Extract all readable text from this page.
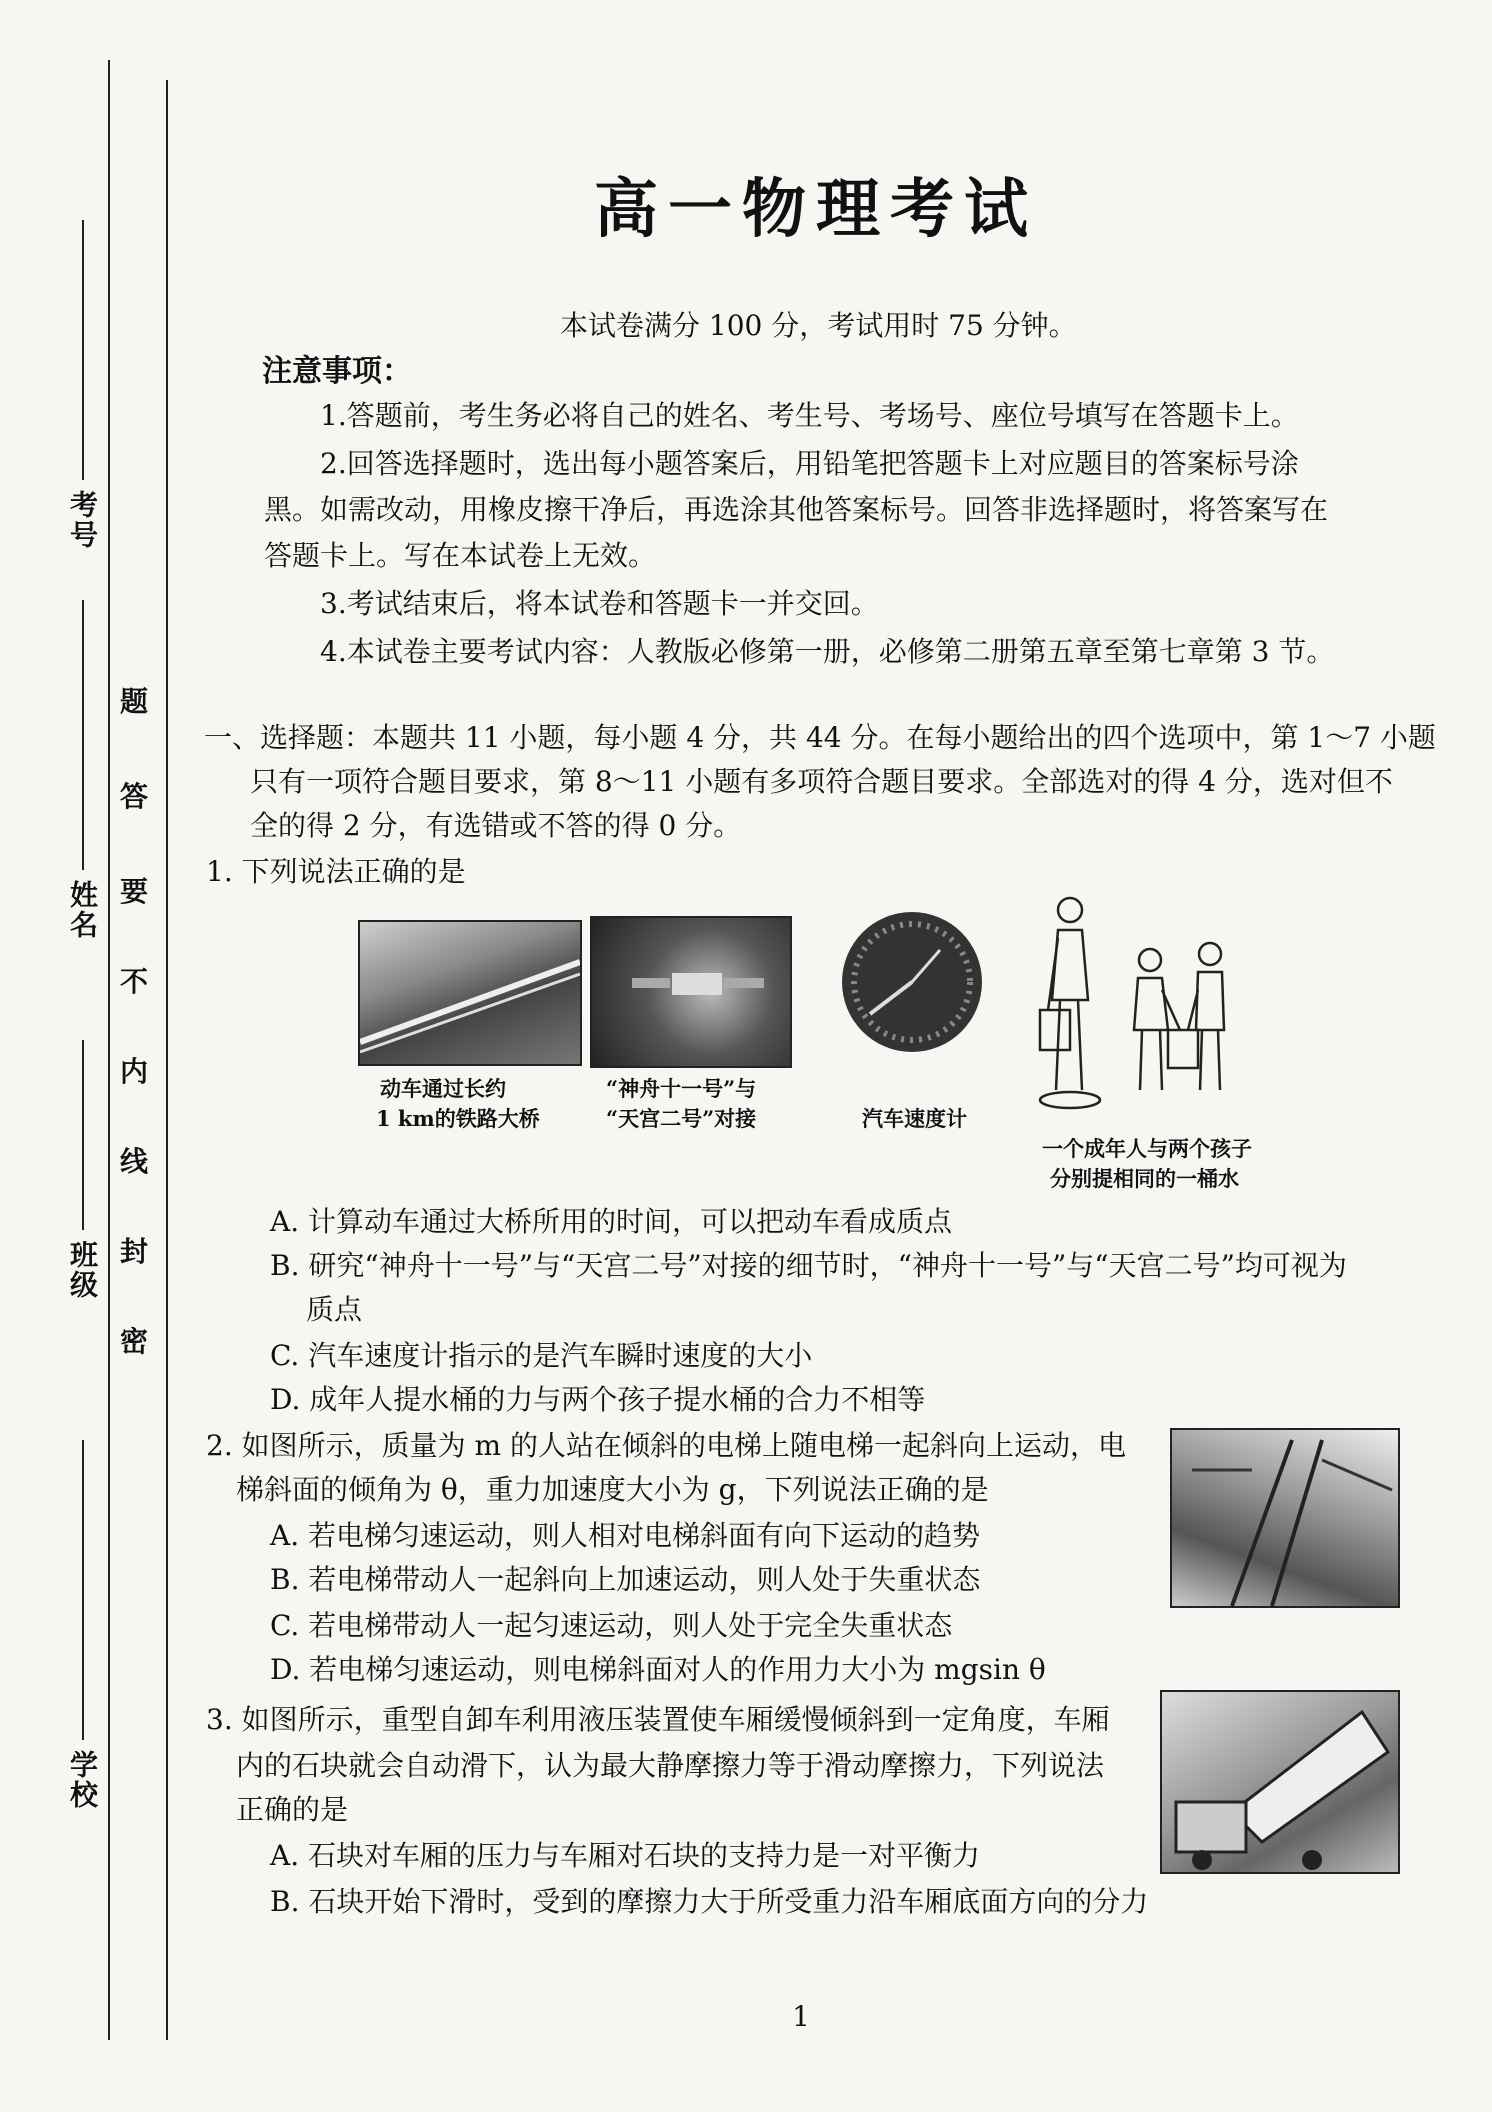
考号
姓名
班级
学校
密
封
线
内
不
要
答
题
高一物理考试
本试卷满分 100 分，考试用时 75 分钟。
注意事项：
1.答题前，考生务必将自己的姓名、考生号、考场号、座位号填写在答题卡上。
2.回答选择题时，选出每小题答案后，用铅笔把答题卡上对应题目的答案标号涂
黑。如需改动，用橡皮擦干净后，再选涂其他答案标号。回答非选择题时，将答案写在
答题卡上。写在本试卷上无效。
3.考试结束后，将本试卷和答题卡一并交回。
4.本试卷主要考试内容：人教版必修第一册，必修第二册第五章至第七章第 3 节。
一、选择题：本题共 11 小题，每小题 4 分，共 44 分。在每小题给出的四个选项中，第 1～7 小题
只有一项符合题目要求，第 8～11 小题有多项符合题目要求。全部选对的得 4 分，选对但不
全的得 2 分，有选错或不答的得 0 分。
1. 下列说法正确的是
动车通过长约
1 km的铁路大桥
“神舟十一号”与
“天宫二号”对接	汽车速度计
一个成年人与两个孩子
分别提相同的一桶水
A. 计算动车通过大桥所用的时间，可以把动车看成质点
B. 研究“神舟十一号”与“天宫二号”对接的细节时，“神舟十一号”与“天宫二号”均可视为
质点
C. 汽车速度计指示的是汽车瞬时速度的大小
D. 成年人提水桶的力与两个孩子提水桶的合力不相等
2. 如图所示，质量为 m 的人站在倾斜的电梯上随电梯一起斜向上运动，电
梯斜面的倾角为 θ，重力加速度大小为 g，下列说法正确的是
A. 若电梯匀速运动，则人相对电梯斜面有向下运动的趋势
B. 若电梯带动人一起斜向上加速运动，则人处于失重状态
C. 若电梯带动人一起匀速运动，则人处于完全失重状态
D. 若电梯匀速运动，则电梯斜面对人的作用力大小为 mgsin θ
3. 如图所示，重型自卸车利用液压装置使车厢缓慢倾斜到一定角度，车厢
内的石块就会自动滑下，认为最大静摩擦力等于滑动摩擦力，下列说法
正确的是
A. 石块对车厢的压力与车厢对石块的支持力是一对平衡力
B. 石块开始下滑时，受到的摩擦力大于所受重力沿车厢底面方向的分力
1
